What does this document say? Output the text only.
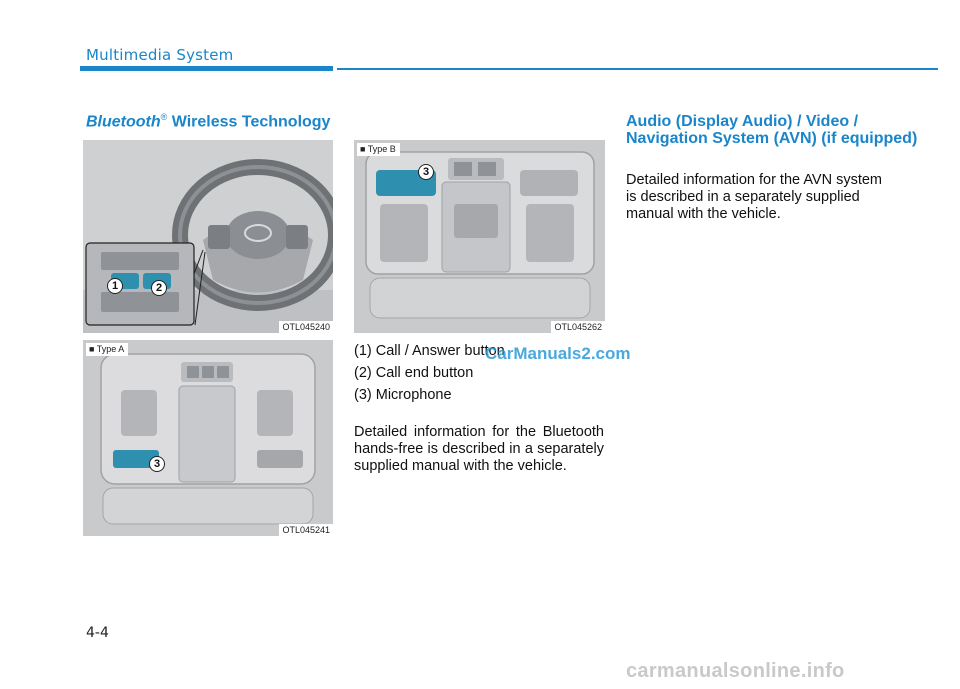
Multimedia System
Bluetooth® Wireless Technology
1	2
OTL045240
■ Type A
3
OTL045241
■ Type B
3
OTL045262
(1) Call / Answer button
(2) Call end button
(3) Microphone
Detailed information for the Bluetooth hands-free is described in a separately supplied manual with the vehicle.
CarManuals2.com
Audio (Display Audio) / Video / Navigation System (AVN) (if equipped)
Detailed information for the AVN system is described in a separately supplied manual with the vehicle.
4-4
carmanualsonline.info
